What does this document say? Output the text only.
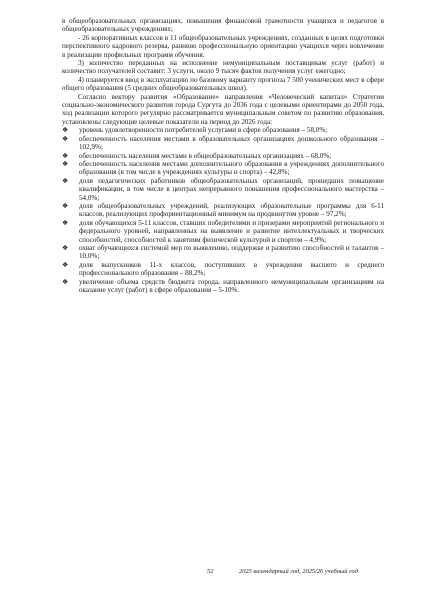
в общеобразовательных организациях, повышения финансовой грамотности учащихся и педагогов в общеобразовательных учреждениях;

- 26 корпоративных классов в 11 общеобразовательных учреждениях, созданных в целях подготовки перспективного кадрового резерва, раннюю профессиональную ориентацию учащихся через вовлечение в реализации профильных программ обучения.

3) количество переданных на исполнение немуниципальным поставщикам услуг (работ) и количество получателей составит: 3 услуги, около 9 тысяч фактов получения услуг ежегодно;

4) планируется ввод в эксплуатацию по базовому варианту прогноза 7 500 ученических мест в сфере общего образования (5 средних общеобразовательных школ).

Согласно вектору развития «Образование» направления «Человеческий капитал» Стратегии социально-экономического развития города Сургута до 2036 года с целевыми ориентирами до 2050 года, ход реализации которого регулярно рассматривается муниципальным советом по развитию образования, установлены следующие целевые показатели на период до 2026 года:

❖ уровень удовлетворенности потребителей услугами в сфере образования – 58,0%;
❖ обеспеченность населения местами в образовательных организациях дошкольного образования – 102,9%;
❖ обеспеченность населения местами в общеобразовательных организациях – 68,0%;
❖ обеспеченность населения местами дополнительного образования в учреждениях дополнительного образования (в том числе в учреждениях культуры и спорта) – 42,8%;
❖ доля педагогических работников общеобразовательных организаций, прошедших повышение квалификации, в том числе в центрах непрерывного повышения профессионального мастерства – 54,0%;
❖ доля общеобразовательных учреждений, реализующих образовательные программы для 6-11 классов, реализующих профориентационный минимум на продвинутом уровне – 97,2%;
❖ доля обучающихся 5-11 классов, ставших победителями и призерами мероприятий регионального и федерального уровней, направленных на выявление и развитие интеллектуальных и творческих способностей, способностей к занятиям физической культурой и спортом – 4,9%;
❖ охват обучающихся системой мер по выявлению, поддержке и развитию способностей и талантов – 10,0%;
❖ доля выпускников 11-х классов, поступивших в учреждения высшего и среднего профессионального образования – 88,2%;
❖ увеличение объема средств бюджета города, направленного немуниципальным организациям на оказание услуг (работ) в сфере образования – 5-10%.
52	2025 календарный год, 2025/26 учебный год
